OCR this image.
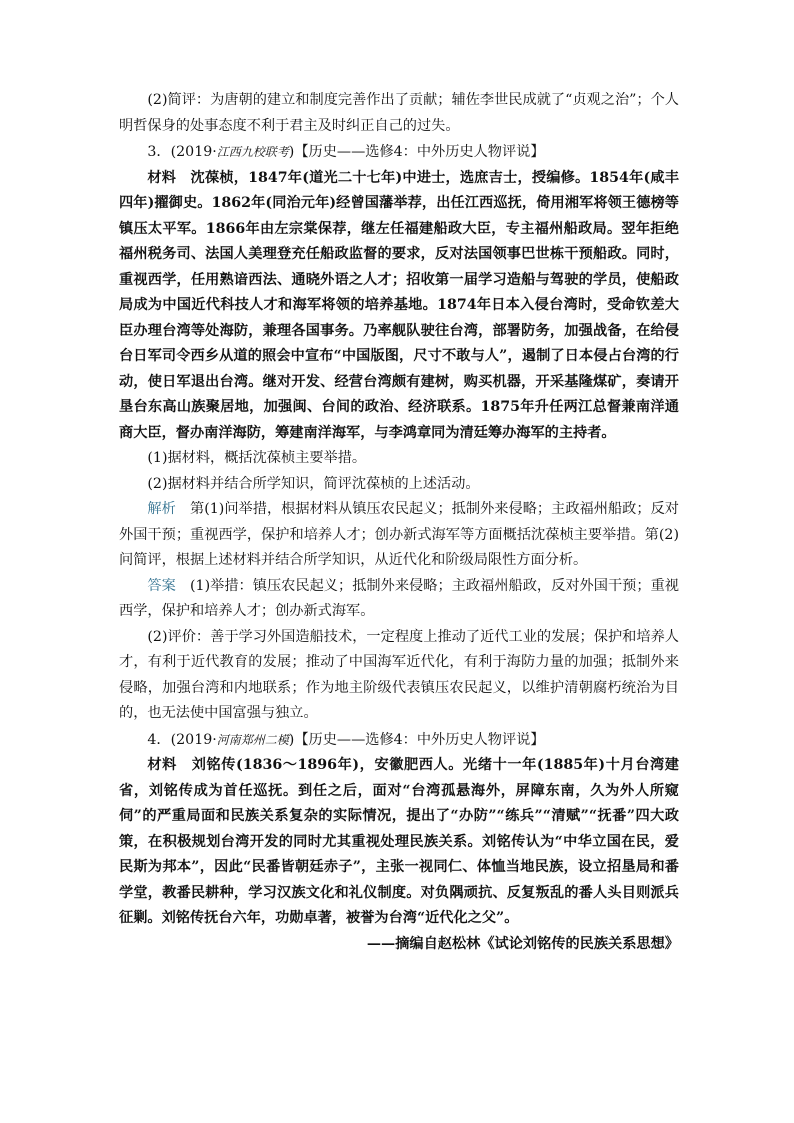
(2)简评：为唐朝的建立和制度完善作出了贡献；辅佐李世民成就了“贞观之治”；个人明哲保身的处事态度不利于君主及时纠正自己的过失。

3．(2019·江西九校联考)【历史——选修4：中外历史人物评说】

材料　沈葆桢，1847年(道光二十七年)中进士，选庶吉士，授编修。1854年(咸丰四年)擢御史。1862年(同治元年)经曾国藩举荐，出任江西巡抚，倚用湘军将领王德榜等镇压太平军。1866年由左宗棠保荐，继左任福建船政大臣，专主福州船政局。翌年拒绝福州税务司、法国人美理登充任船政监督的要求，反对法国领事巴世栋干预船政。同时，重视西学，任用熟谙西法、通晓外语之人才；招收第一届学习造船与驾驶的学员，使船政局成为中国近代科技人才和海军将领的培养基地。1874年日本入侵台湾时，受命钦差大臣办理台湾等处海防，兼理各国事务。乃率舰队驶往台湾，部署防务，加强战备，在给侵台日军司令西乡从道的照会中宣布“中国版图，尺寸不敢与人”，遏制了日本侵占台湾的行动，使日军退出台湾。继对开发、经营台湾颇有建树，购买机器，开采基隆煤矿，奏请开垦台东高山族聚居地，加强闽、台间的政治、经济联系。1875年升任两江总督兼南洋通商大臣，督办南洋海防，筹建南洋海军，与李鸿章同为清廷筹办海军的主持者。

(1)据材料，概括沈葆桢主要举措。

(2)据材料并结合所学知识，简评沈葆桢的上述活动。

解析　第(1)问举措，根据材料从镇压农民起义；抵制外来侵略；主政福州船政；反对外国干预；重视西学，保护和培养人才；创办新式海军等方面概括沈葆桢主要举措。第(2)问简评，根据上述材料并结合所学知识，从近代化和阶级局限性方面分析。

答案　(1)举措：镇压农民起义；抵制外来侵略；主政福州船政，反对外国干预；重视西学，保护和培养人才；创办新式海军。

(2)评价：善于学习外国造船技术，一定程度上推动了近代工业的发展；保护和培养人才，有利于近代教育的发展；推动了中国海军近代化，有利于海防力量的加强；抵制外来侵略，加强台湾和内地联系；作为地主阶级代表镇压农民起义，以维护清朝腐朽统治为目的，也无法使中国富强与独立。

4．(2019·河南郑州二模)【历史——选修4：中外历史人物评说】

材料　刘铭传(1836～1896年)，安徽肥西人。光绪十一年(1885年)十月台湾建省，刘铭传成为首任巡抚。到任之后，面对“台湾孤悬海外，屏障东南，久为外人所窥伺”的严重局面和民族关系复杂的实际情况，提出了“办防”“练兵”“清赋”“抚番”四大政策，在积极规划台湾开发的同时尤其重视处理民族关系。刘铭传认为“中华立国在民，爱民斯为邦本”，因此“民番皆朝廷赤子”，主张一视同仁、体恤当地民族，设立招垦局和番学堂，教番民耕种，学习汉族文化和礼仪制度。对负隅顽抗、反复叛乱的番人头目则派兵征剿。刘铭传抚台六年，功勋卓著，被誉为台湾“近代化之父”。

——摘编自赵松林《试论刘铭传的民族关系思想》
